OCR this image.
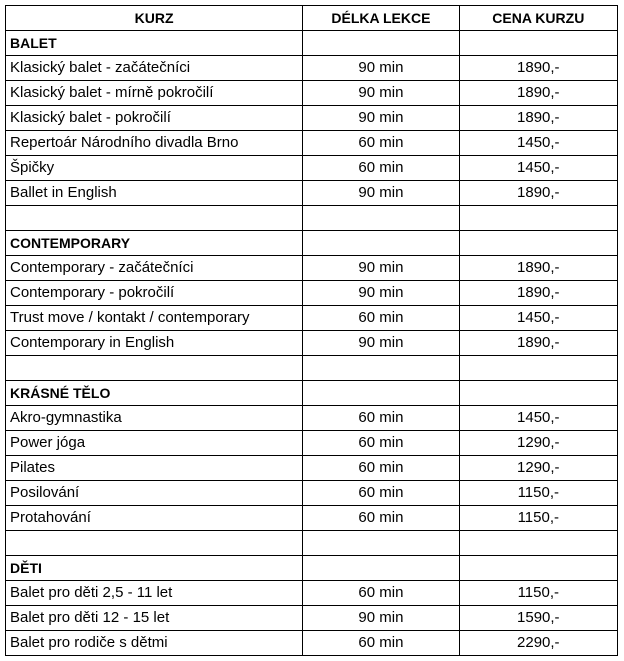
KURZ	DÉLKA LEKCE	CENA KURZU
BALET		
Klasický balet - začátečníci	90 min	1890,-
Klasický balet - mírně pokročilí	90 min	1890,-
Klasický balet - pokročilí	90 min	1890,-
Repertoár Národního divadla Brno	60 min	1450,-
Špičky	60 min	1450,-
Ballet in English	90 min	1890,-

CONTEMPORARY		
Contemporary - začátečníci	90 min	1890,-
Contemporary - pokročilí	90 min	1890,-
Trust move / kontakt / contemporary	60 min	1450,-
Contemporary in English	90 min	1890,-

KRÁSNÉ TĚLO		
Akro-gymnastika	60 min	1450,-
Power jóga	60 min	1290,-
Pilates	60 min	1290,-
Posilování	60 min	1150,-
Protahování	60 min	1150,-

DĚTI		
Balet pro děti 2,5 - 11 let	60 min	1150,-
Balet pro děti 12 - 15 let	90 min	1590,-
Balet pro rodiče s dětmi	60 min	2290,-
